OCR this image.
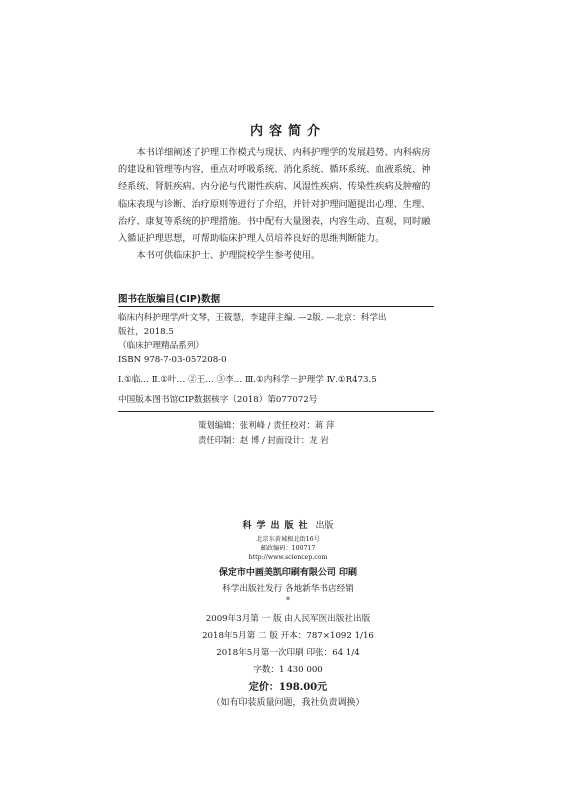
内容简介

本书详细阐述了护理工作模式与现状、内科护理学的发展趋势、内科病房的建设和管理等内容，重点对呼吸系统、消化系统、循环系统、血液系统、神经系统、肾脏疾病、内分泌与代谢性疾病、风湿性疾病、传染性疾病及肿瘤的临床表现与诊断、治疗原则等进行了介绍，并针对护理问题提出心理、生理、治疗、康复等系统的护理措施。书中配有大量图表，内容生动、直观，同时融入循证护理思想，可帮助临床护理人员培养良好的思维判断能力。

本书可供临床护士、护理院校学生参考使用。

图书在版编目(CIP)数据
临床内科护理学/叶文琴，王筱慧，李建萍主编. —2版. —北京：科学出
版社，2018.5
（临床护理精品系列）
ISBN 978-7-03-057208-0
Ⅰ.①临… Ⅱ.①叶… ②王… ③李… Ⅲ.①内科学－护理学 Ⅳ.①R473.5
中国版本图书馆CIP数据核字（2018）第077072号
策划编辑：张利峰 / 责任校对：蒋 萍
责任印制：赵 博 / 封面设计：龙 岩
科学出版社 出版
北京东黄城根北街16号
邮政编码：100717
http://www.sciencep.com
保定市中画美凯印刷有限公司 印刷
科学出版社发行 各地新华书店经销
*
2009年3月第 一 版 由人民军医出版社出版
2018年5月第 二 版 开本：787×1092 1/16
2018年5月第一次印刷 印张：64 1/4
字数：1 430 000
定价：198.00元
（如有印装质量问题，我社负责调换）
